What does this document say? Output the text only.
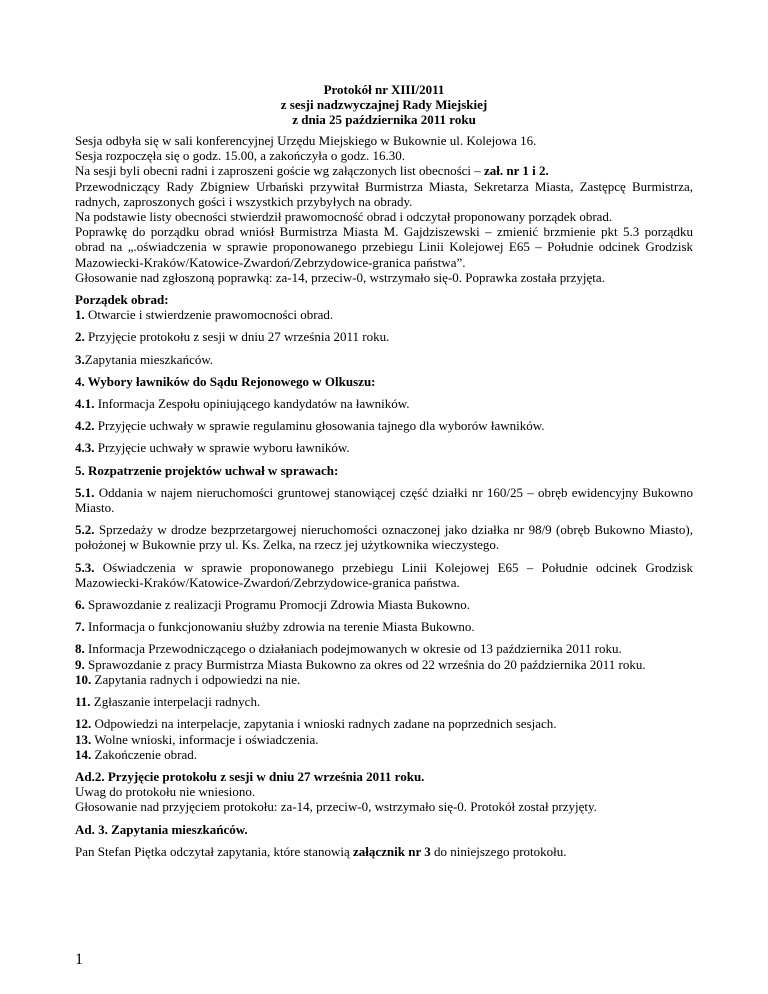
Protokół nr XIII/2011

z sesji nadzwyczajnej Rady Miejskiej

z dnia 25 października 2011 roku

Sesja odbyła się w sali konferencyjnej Urzędu Miejskiego w Bukownie ul. Kolejowa 16.

Sesja rozpoczęła się o godz. 15.00, a zakończyła o godz. 16.30.

Na sesji byli obecni radni i zaproszeni goście wg załączonych list obecności – zał. nr 1 i 2.

Przewodniczący Rady Zbigniew Urbański przywitał Burmistrza Miasta, Sekretarza Miasta, Zastępcę Burmistrza, radnych, zaproszonych gości i wszystkich przybyłych na obrady.

Na podstawie listy obecności stwierdził prawomocność obrad i odczytał proponowany porządek obrad.

Poprawkę do porządku obrad wniósł Burmistrza Miasta M. Gajdziszewski – zmienić brzmienie pkt 5.3 porządku obrad na „.oświadczenia w sprawie proponowanego przebiegu Linii Kolejowej E65 – Południe odcinek Grodzisk Mazowiecki-Kraków/Katowice-Zwardoń/Zebrzydowice-granica państwa”.

Głosowanie nad zgłoszoną poprawką: za-14, przeciw-0, wstrzymało się-0. Poprawka została przyjęta.

Porządek obrad:

1. Otwarcie i stwierdzenie prawomocności obrad.

2. Przyjęcie protokołu z sesji w dniu 27 września 2011 roku.

3.Zapytania mieszkańców.

4. Wybory ławników do Sądu Rejonowego w Olkuszu:

4.1. Informacja Zespołu opiniującego kandydatów na ławników.

4.2. Przyjęcie uchwały w sprawie regulaminu głosowania tajnego dla wyborów ławników.

4.3. Przyjęcie uchwały w sprawie wyboru ławników.

5. Rozpatrzenie projektów uchwał w sprawach:

5.1. Oddania w najem nieruchomości gruntowej stanowiącej część działki nr 160/25 – obręb ewidencyjny Bukowno Miasto.

5.2. Sprzedaży w drodze bezprzetargowej nieruchomości oznaczonej jako działka nr 98/9 (obręb Bukowno Miasto), położonej w Bukownie przy ul. Ks. Zelka, na rzecz jej użytkownika wieczystego.

5.3. Oświadczenia w sprawie proponowanego przebiegu Linii Kolejowej E65 – Południe odcinek Grodzisk Mazowiecki-Kraków/Katowice-Zwardoń/Zebrzydowice-granica państwa.

6. Sprawozdanie z realizacji Programu Promocji Zdrowia Miasta Bukowno.

7. Informacja o funkcjonowaniu służby zdrowia na terenie Miasta Bukowno.

8. Informacja Przewodniczącego o działaniach podejmowanych w okresie od 13 października 2011 roku.

9. Sprawozdanie z pracy Burmistrza Miasta Bukowno za okres od 22 września do 20 października 2011 roku.

10. Zapytania radnych i odpowiedzi na nie.

11. Zgłaszanie interpelacji radnych.

12. Odpowiedzi na interpelacje, zapytania i wnioski radnych zadane na poprzednich sesjach.

13. Wolne wnioski, informacje i oświadczenia.

14. Zakończenie obrad.

Ad.2. Przyjęcie protokołu z sesji w dniu 27 września 2011 roku.

Uwag do protokołu nie wniesiono.

Głosowanie nad przyjęciem protokołu: za-14, przeciw-0, wstrzymało się-0. Protokół został przyjęty.

Ad. 3. Zapytania mieszkańców.

Pan Stefan Piętka odczytał zapytania, które stanowią załącznik nr 3 do niniejszego protokołu.

1
